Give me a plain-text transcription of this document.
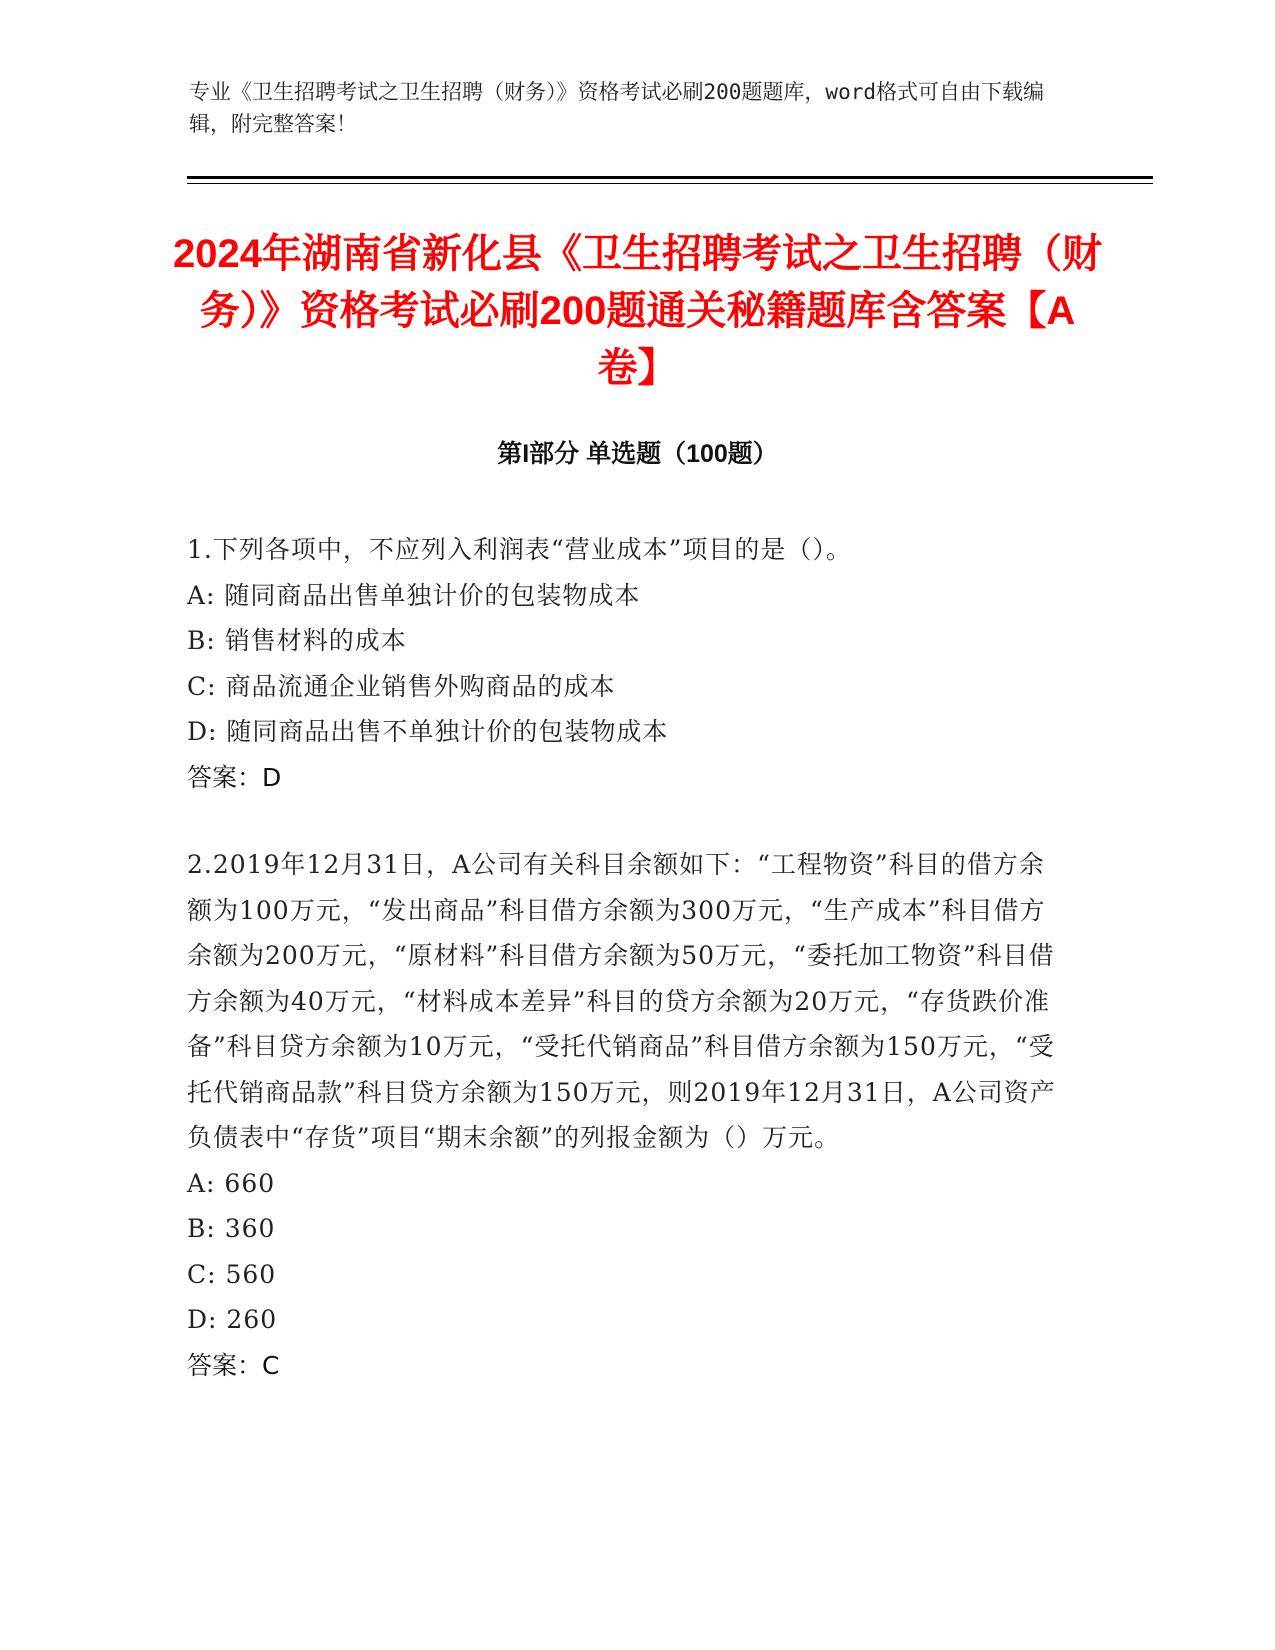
专业《卫生招聘考试之卫生招聘（财务）》资格考试必刷200题题库，word格式可自由下载编辑，附完整答案！
2024年湖南省新化县《卫生招聘考试之卫生招聘（财务）》资格考试必刷200题通关秘籍题库含答案【A卷】
第I部分 单选题（100题）
1.下列各项中，不应列入利润表“营业成本”项目的是（）。
A: 随同商品出售单独计价的包装物成本
B: 销售材料的成本
C: 商品流通企业销售外购商品的成本
D: 随同商品出售不单独计价的包装物成本
答案：D
2.2019年12月31日，A公司有关科目余额如下：“工程物资”科目的借方余额为100万元，“发出商品”科目借方余额为300万元，“生产成本”科目借方余额为200万元，“原材料”科目借方余额为50万元，“委托加工物资”科目借方余额为40万元，“材料成本差异”科目的贷方余额为20万元，“存货跌价准备”科目贷方余额为10万元，“受托代销商品”科目借方余额为150万元，“受托代销商品款”科目贷方余额为150万元，则2019年12月31日，A公司资产负债表中“存货”项目“期末余额”的列报金额为（）万元。
A: 660
B: 360
C: 560
D: 260
答案：C
